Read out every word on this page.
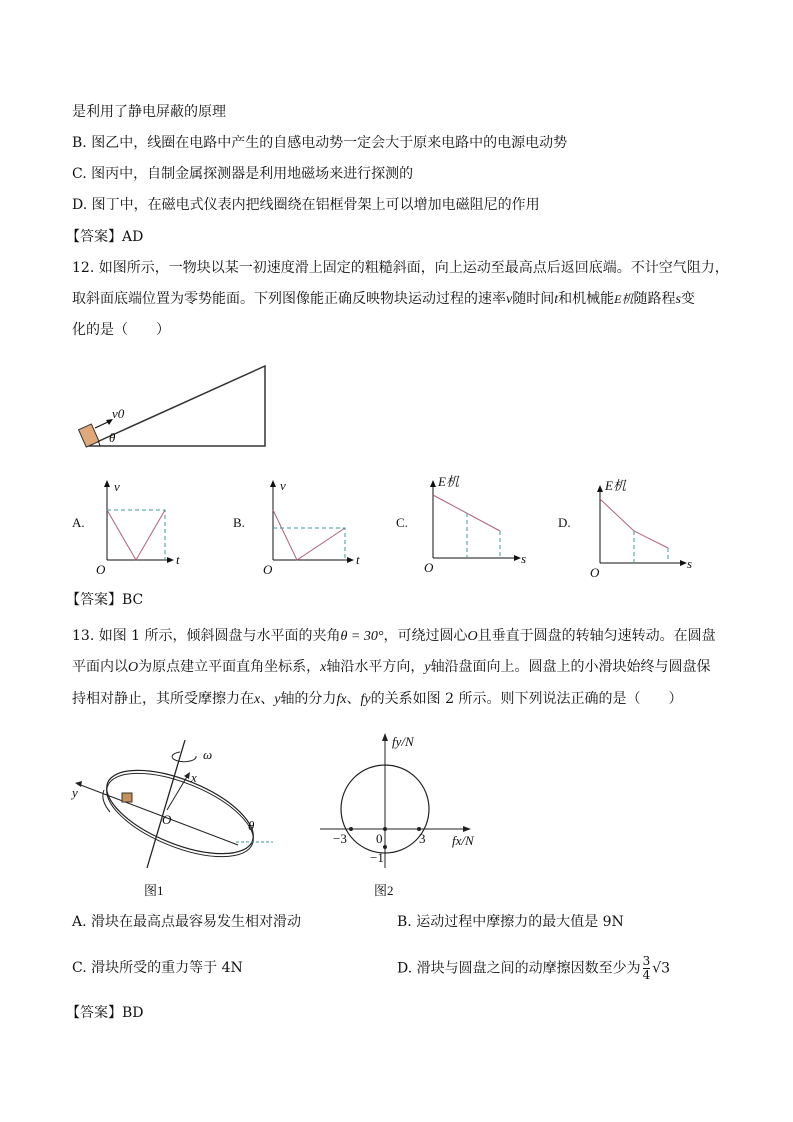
是利用了静电屏蔽的原理
B. 图乙中，线圈在电路中产生的自感电动势一定会大于原来电路中的电源电动势
C. 图丙中，自制金属探测器是利用地磁场来进行探测的
D. 图丁中，在磁电式仪表内把线圈绕在铝框骨架上可以增加电磁阻尼的作用
【答案】AD
12. 如图所示，一物块以某一初速度滑上固定的粗糙斜面，向上运动至最高点后返回底端。不计空气阻力，
取斜面底端位置为零势能面。下列图像能正确反映物块运动过程的速率v随时间t和机械能E机随路程s变
化的是（　　）
v0
θ
A.
v
t
O
B.
v
t
O
C.
E机
s
O
D.
E机
s
O
【答案】BC
13. 如图 1 所示，倾斜圆盘与水平面的夹角θ = 30°，可绕过圆心O且垂直于圆盘的转轴匀速转动。在圆盘
平面内以O为原点建立平面直角坐标系，x轴沿水平方向，y轴沿盘面向上。圆盘上的小滑块始终与圆盘保
持相对静止，其所受摩擦力在x、y轴的分力fx、fy的关系如图 2 所示。则下列说法正确的是（　　）
ω
x
y
O	θ
图1
fy/N
fx/N
−3 0	3
−1
图2
A. 滑块在最高点最容易发生相对滑动	B. 运动过程中摩擦力的最大值是 9N
C. 滑块所受的重力等于 4N	D. 滑块与圆盘之间的动摩擦因数至少为 $\frac{3}{4} √3$
【答案】BD
